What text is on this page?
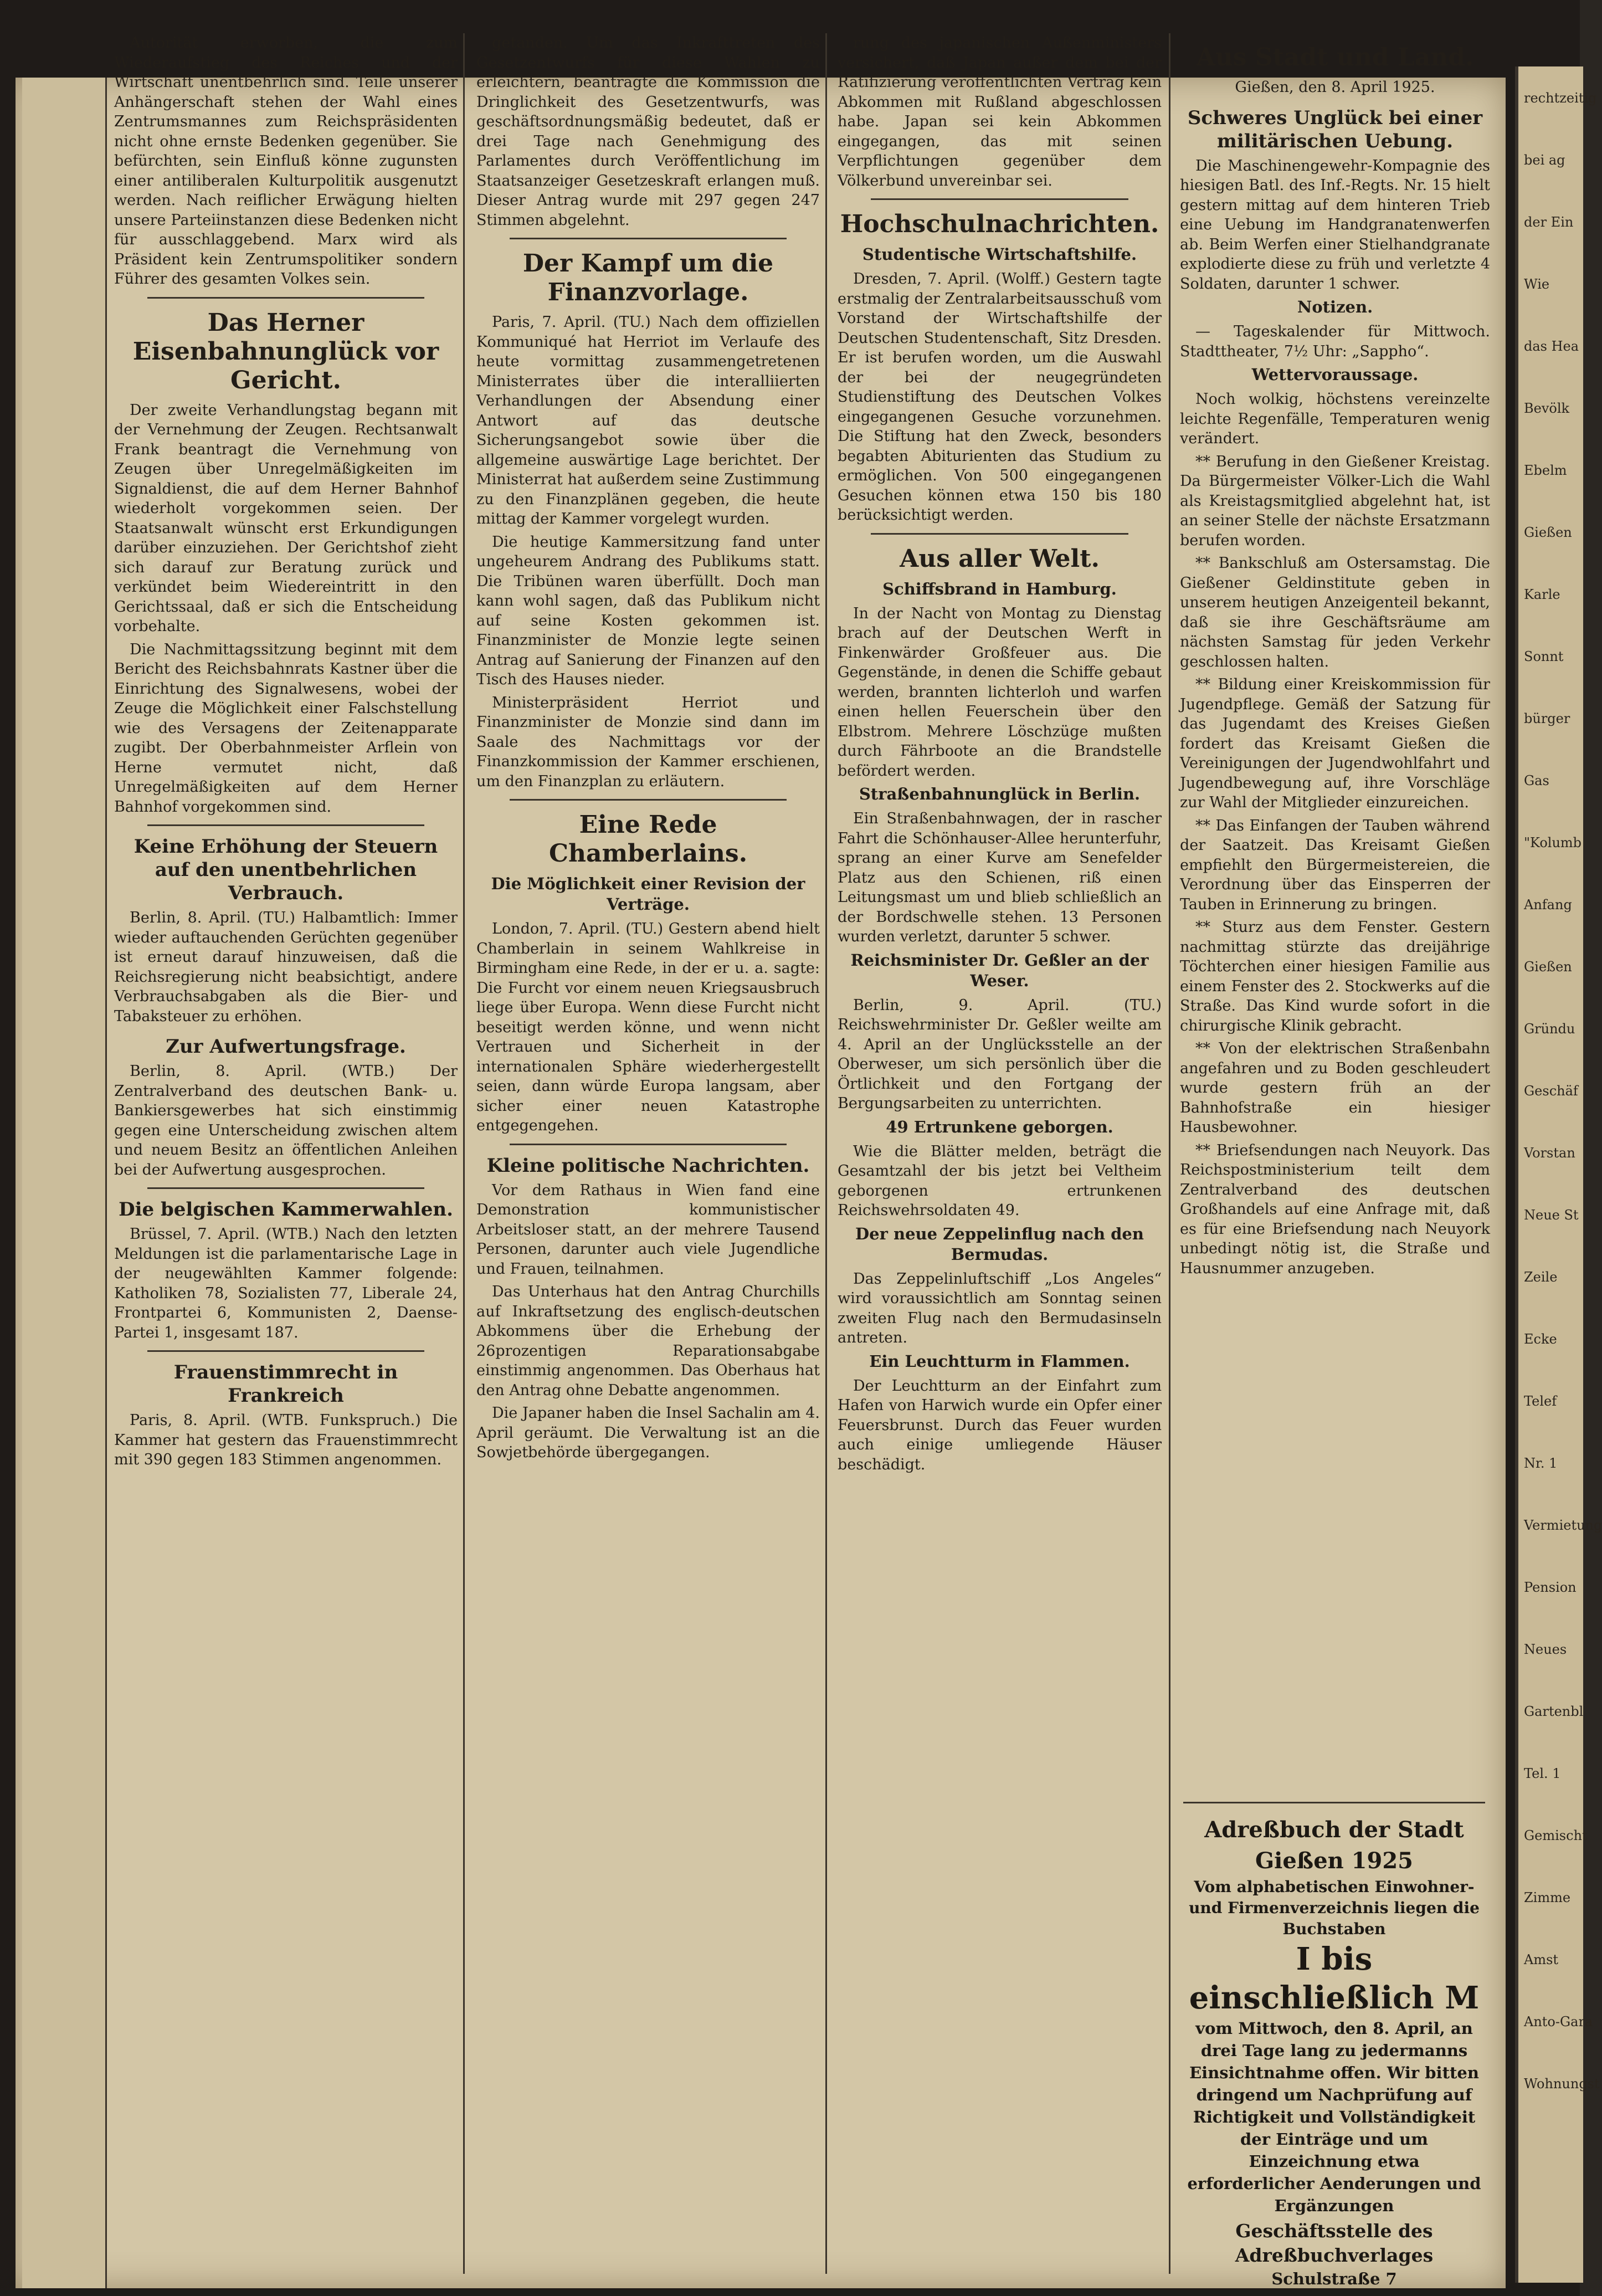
Autorität erworben, die zum Wiederaufstieg des Reiches und der Wirtschaft unentbehrlich sind. Teile unserer Anhängerschaft stehen der Wahl eines Zentrumsmannes zum Reichspräsidenten nicht ohne ernste Bedenken gegenüber. Sie befürchten, sein Einfluß könne zugunsten einer antiliberalen Kulturpolitik ausgenutzt werden. Nach reiflicher Erwägung hielten unsere Parteiinstanzen diese Bedenken nicht für ausschlaggebend. Marx wird als Präsident kein Zentrumspolitiker sondern Führer des gesamten Volkes sein.

Das Herner Eisenbahnunglück vor Gericht.

Der zweite Verhandlungstag begann mit der Vernehmung der Zeugen. Rechtsanwalt Frank beantragt die Vernehmung von Zeugen über Unregelmäßigkeiten im Signaldienst, die auf dem Herner Bahnhof wiederholt vorgekommen seien. Der Staatsanwalt wünscht erst Erkundigungen darüber einzuziehen. Der Gerichtshof zieht sich darauf zur Beratung zurück und verkündet beim Wiedereintritt in den Gerichtssaal, daß er sich die Entscheidung vorbehalte.

Die Nachmittagssitzung beginnt mit dem Bericht des Reichsbahnrats Kastner über die Einrichtung des Signalwesens, wobei der Zeuge die Möglichkeit einer Falschstellung wie des Versagens der Zeitenapparate zugibt. Der Oberbahnmeister Arflein von Herne vermutet nicht, daß Unregelmäßigkeiten auf dem Herner Bahnhof vorgekommen sind.

Keine Erhöhung der Steuern auf den unentbehrlichen Verbrauch.

Berlin, 8. April. (TU.) Halbamtlich: Immer wieder auftauchenden Gerüchten gegenüber ist erneut darauf hinzuweisen, daß die Reichsregierung nicht beabsichtigt, andere Verbrauchsabgaben als die Bier- und Tabaksteuer zu erhöhen.

Zur Aufwertungsfrage.

Berlin, 8. April. (WTB.) Der Zentralverband des deutschen Bank- u. Bankiersgewerbes hat sich einstimmig gegen eine Unterscheidung zwischen altem und neuem Besitz an öffentlichen Anleihen bei der Aufwertung ausgesprochen.

Die belgischen Kammerwahlen.

Brüssel, 7. April. (WTB.) Nach den letzten Meldungen ist die parlamentarische Lage in der neugewählten Kammer folgende: Katholiken 78, Sozialisten 77, Liberale 24, Frontpartei 6, Kommunisten 2, Daense-Partei 1, insgesamt 187.

Frauenstimmrecht in Frankreich

Paris, 8. April. (WTB. Funkspruch.) Die Kammer hat gestern das Frauenstimmrecht mit 390 gegen 183 Stimmen angenommen.

getanden. Um das Inkrafttreten des Gesetzentwurfs für diese Wahlen zu erleichtern, beantragte die Kommission die Dringlichkeit des Gesetzentwurfs, was geschäftsordnungsmäßig bedeutet, daß er drei Tage nach Genehmigung des Parlamentes durch Veröffentlichung im Staatsanzeiger Gesetzeskraft erlangen muß. Dieser Antrag wurde mit 297 gegen 247 Stimmen abgelehnt.

Der Kampf um die Finanzvorlage.

Paris, 7. April. (TU.) Nach dem offiziellen Kommuniqué hat Herriot im Verlaufe des heute vormittag zusammengetretenen Ministerrates über die interalliierten Verhandlungen der Absendung einer Antwort auf das deutsche Sicherungsangebot sowie über die allgemeine auswärtige Lage berichtet. Der Ministerrat hat außerdem seine Zustimmung zu den Finanzplänen gegeben, die heute mittag der Kammer vorgelegt wurden.

Die heutige Kammersitzung fand unter ungeheurem Andrang des Publikums statt. Die Tribünen waren überfüllt. Doch man kann wohl sagen, daß das Publikum nicht auf seine Kosten gekommen ist. Finanzminister de Monzie legte seinen Antrag auf Sanierung der Finanzen auf den Tisch des Hauses nieder.

Ministerpräsident Herriot und Finanzminister de Monzie sind dann im Saale des Nachmittags vor der Finanzkommission der Kammer erschienen, um den Finanzplan zu erläutern.

Eine Rede Chamberlains.
Die Möglichkeit einer Revision der Verträge.

London, 7. April. (TU.) Gestern abend hielt Chamberlain in seinem Wahlkreise in Birmingham eine Rede, in der er u. a. sagte: Die Furcht vor einem neuen Kriegsausbruch liege über Europa. Wenn diese Furcht nicht beseitigt werden könne, und wenn nicht Vertrauen und Sicherheit in der internationalen Sphäre wiederhergestellt seien, dann würde Europa langsam, aber sicher einer neuen Katastrophe entgegengehen.

Kleine politische Nachrichten.

Vor dem Rathaus in Wien fand eine Demonstration kommunistischer Arbeitsloser statt, an der mehrere Tausend Personen, darunter auch viele Jugendliche und Frauen, teilnahmen.

Das Unterhaus hat den Antrag Churchills auf Inkraftsetzung des englisch-deutschen Abkommens über die Erhebung der 26prozentigen Reparationsabgabe einstimmig angenommen. Das Oberhaus hat den Antrag ohne Debatte angenommen.

Die Japaner haben die Insel Sachalin am 4. April geräumt. Die Verwaltung ist an die Sowjetbehörde übergegangen.

rung des japanischen Außenministers versichert, daß Japan außer dem bei der Ratifizierung veröffentlichten Vertrag kein Abkommen mit Rußland abgeschlossen habe. Japan sei kein Abkommen eingegangen, das mit seinen Verpflichtungen gegenüber dem Völkerbund unvereinbar sei.

Hochschulnachrichten.
Studentische Wirtschaftshilfe.

Dresden, 7. April. (Wolff.) Gestern tagte erstmalig der Zentralarbeitsausschuß vom Vorstand der Wirtschaftshilfe der Deutschen Studentenschaft, Sitz Dresden. Er ist berufen worden, um die Auswahl der bei der neugegründeten Studienstiftung des Deutschen Volkes eingegangenen Gesuche vorzunehmen. Die Stiftung hat den Zweck, besonders begabten Abiturienten das Studium zu ermöglichen. Von 500 eingegangenen Gesuchen können etwa 150 bis 180 berücksichtigt werden.

Aus aller Welt.
Schiffsbrand in Hamburg.

In der Nacht von Montag zu Dienstag brach auf der Deutschen Werft in Finkenwärder Großfeuer aus. Die Gegenstände, in denen die Schiffe gebaut werden, brannten lichterloh und warfen einen hellen Feuerschein über den Elbstrom. Mehrere Löschzüge mußten durch Fährboote an die Brandstelle befördert werden.

Straßenbahnunglück in Berlin.

Ein Straßenbahnwagen, der in rascher Fahrt die Schönhauser-Allee herunterfuhr, sprang an einer Kurve am Senefelder Platz aus den Schienen, riß einen Leitungsmast um und blieb schließlich an der Bordschwelle stehen. 13 Personen wurden verletzt, darunter 5 schwer.

Reichsminister Dr. Geßler an der Weser.

Berlin, 9. April. (TU.) Reichswehrminister Dr. Geßler weilte am 4. April an der Unglücksstelle an der Oberweser, um sich persönlich über die Örtlichkeit und den Fortgang der Bergungsarbeiten zu unterrichten.

49 Ertrunkene geborgen.

Wie die Blätter melden, beträgt die Gesamtzahl der bis jetzt bei Veltheim geborgenen ertrunkenen Reichswehrsoldaten 49.

Der neue Zeppelinflug nach den Bermudas.

Das Zeppelinluftschiff „Los Angeles“ wird voraussichtlich am Sonntag seinen zweiten Flug nach den Bermudasinseln antreten.

Ein Leuchtturm in Flammen.

Der Leuchtturm an der Einfahrt zum Hafen von Harwich wurde ein Opfer einer Feuersbrunst. Durch das Feuer wurden auch einige umliegende Häuser beschädigt.

Aus Stadt und Land.
Gießen, den 8. April 1925.
Schweres Unglück bei einer militärischen Uebung.

Die Maschinengewehr-Kompagnie des hiesigen Batl. des Inf.-Regts. Nr. 15 hielt gestern mittag auf dem hinteren Trieb eine Uebung im Handgranatenwerfen ab. Beim Werfen einer Stielhandgranate explodierte diese zu früh und verletzte 4 Soldaten, darunter 1 schwer.

Notizen.

— Tageskalender für Mittwoch. Stadttheater, 7½ Uhr: „Sappho“.

Wettervoraussage.

Noch wolkig, höchstens vereinzelte leichte Regenfälle, Temperaturen wenig verändert.

** Berufung in den Gießener Kreistag. Da Bürgermeister Völker-Lich die Wahl als Kreistagsmitglied abgelehnt hat, ist an seiner Stelle der nächste Ersatzmann berufen worden.

** Bankschluß am Ostersamstag. Die Gießener Geldinstitute geben in unserem heutigen Anzeigenteil bekannt, daß sie ihre Geschäftsräume am nächsten Samstag für jeden Verkehr geschlossen halten.

** Bildung einer Kreiskommission für Jugendpflege. Gemäß der Satzung für das Jugendamt des Kreises Gießen fordert das Kreisamt Gießen die Vereinigungen der Jugendwohlfahrt und Jugendbewegung auf, ihre Vorschläge zur Wahl der Mitglieder einzureichen.

** Das Einfangen der Tauben während der Saatzeit. Das Kreisamt Gießen empfiehlt den Bürgermeistereien, die Verordnung über das Einsperren der Tauben in Erinnerung zu bringen.

** Sturz aus dem Fenster. Gestern nachmittag stürzte das dreijährige Töchterchen einer hiesigen Familie aus einem Fenster des 2. Stockwerks auf die Straße. Das Kind wurde sofort in die chirurgische Klinik gebracht.

** Von der elektrischen Straßenbahn angefahren und zu Boden geschleudert wurde gestern früh an der Bahnhofstraße ein hiesiger Hausbewohner.

** Briefsendungen nach Neuyork. Das Reichspostministerium teilt dem Zentralverband des deutschen Großhandels auf eine Anfrage mit, daß es für eine Briefsendung nach Neuyork unbedingt nötig ist, die Straße und Hausnummer anzugeben.

Adreßbuch der Stadt Gießen 1925
Vom alphabetischen Einwohner- und Firmenverzeichnis liegen die Buchstaben
I bis einschließlich M
vom Mittwoch, den 8. April, an drei Tage lang zu jedermanns Einsichtnahme offen. Wir bitten dringend um Nachprüfung auf Richtigkeit und Vollständigkeit der Einträge und um Einzeichnung etwa erforderlicher Aenderungen und Ergänzungen
Geschäftsstelle des Adreßbuchverlages
Schulstraße 7
rechtzeitig
bei ag
der Ein
Wie
das Hea
Bevölk
Ebelm
Gießen
Karle
Sonnt
bürger
Gas
"Kolumb
Anfang
Gießen
Gründu
Geschäf
Vorstan
Neue St
Zeile
Ecke
Telef
Nr. 1
Vermietung
Pension
Neues
Gartenbl
Tel. 1
Gemischt
Zimme
Amst
Anto-Gara
Wohnungst
